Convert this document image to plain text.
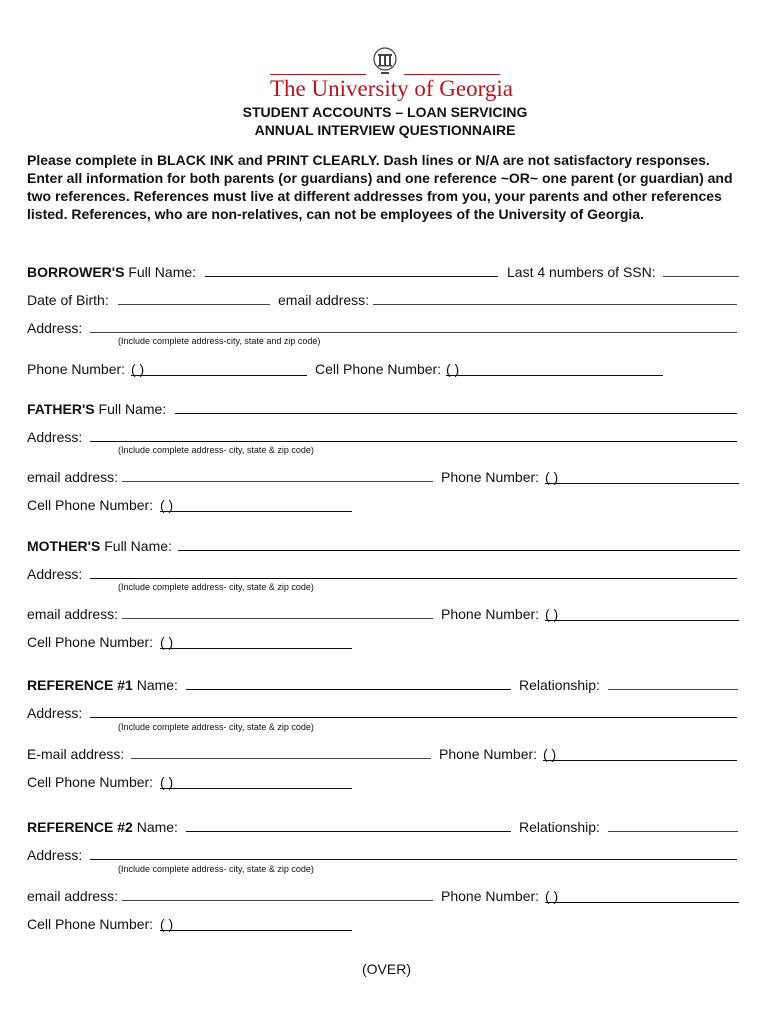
The University of Georgia
STUDENT ACCOUNTS – LOAN SERVICING
ANNUAL INTERVIEW QUESTIONNAIRE
Please complete in BLACK INK and PRINT CLEARLY. Dash lines or N/A are not satisfactory responses. Enter all information for both parents (or guardians) and one reference ~OR~ one parent (or guardian) and two references. References must live at different addresses from you, your parents and other references listed. References, who are non-relatives, can not be employees of the University of Georgia.
BORROWER'S Full Name:	Last 4 numbers of SSN:
Date of Birth:	email address:
Address:
(Include complete address-city, state and zip code)
Phone Number: ( )	Cell Phone Number: ( )
FATHER'S Full Name:
Address:
(Include complete address- city, state & zip code)
email address:	Phone Number: ( )
Cell Phone Number: ( )
MOTHER'S Full Name:
Address:
(Include complete address- city, state & zip code)
email address:	Phone Number: ( )
Cell Phone Number: ( )
REFERENCE #1 Name:	Relationship:
Address:
(Include complete address- city, state & zip code)
E-mail address:	Phone Number: ( )
Cell Phone Number: ( )
REFERENCE #2 Name:	Relationship:
Address:
(Include complete address- city, state & zip code)
email address:	Phone Number: ( )
Cell Phone Number: ( )
(OVER)
